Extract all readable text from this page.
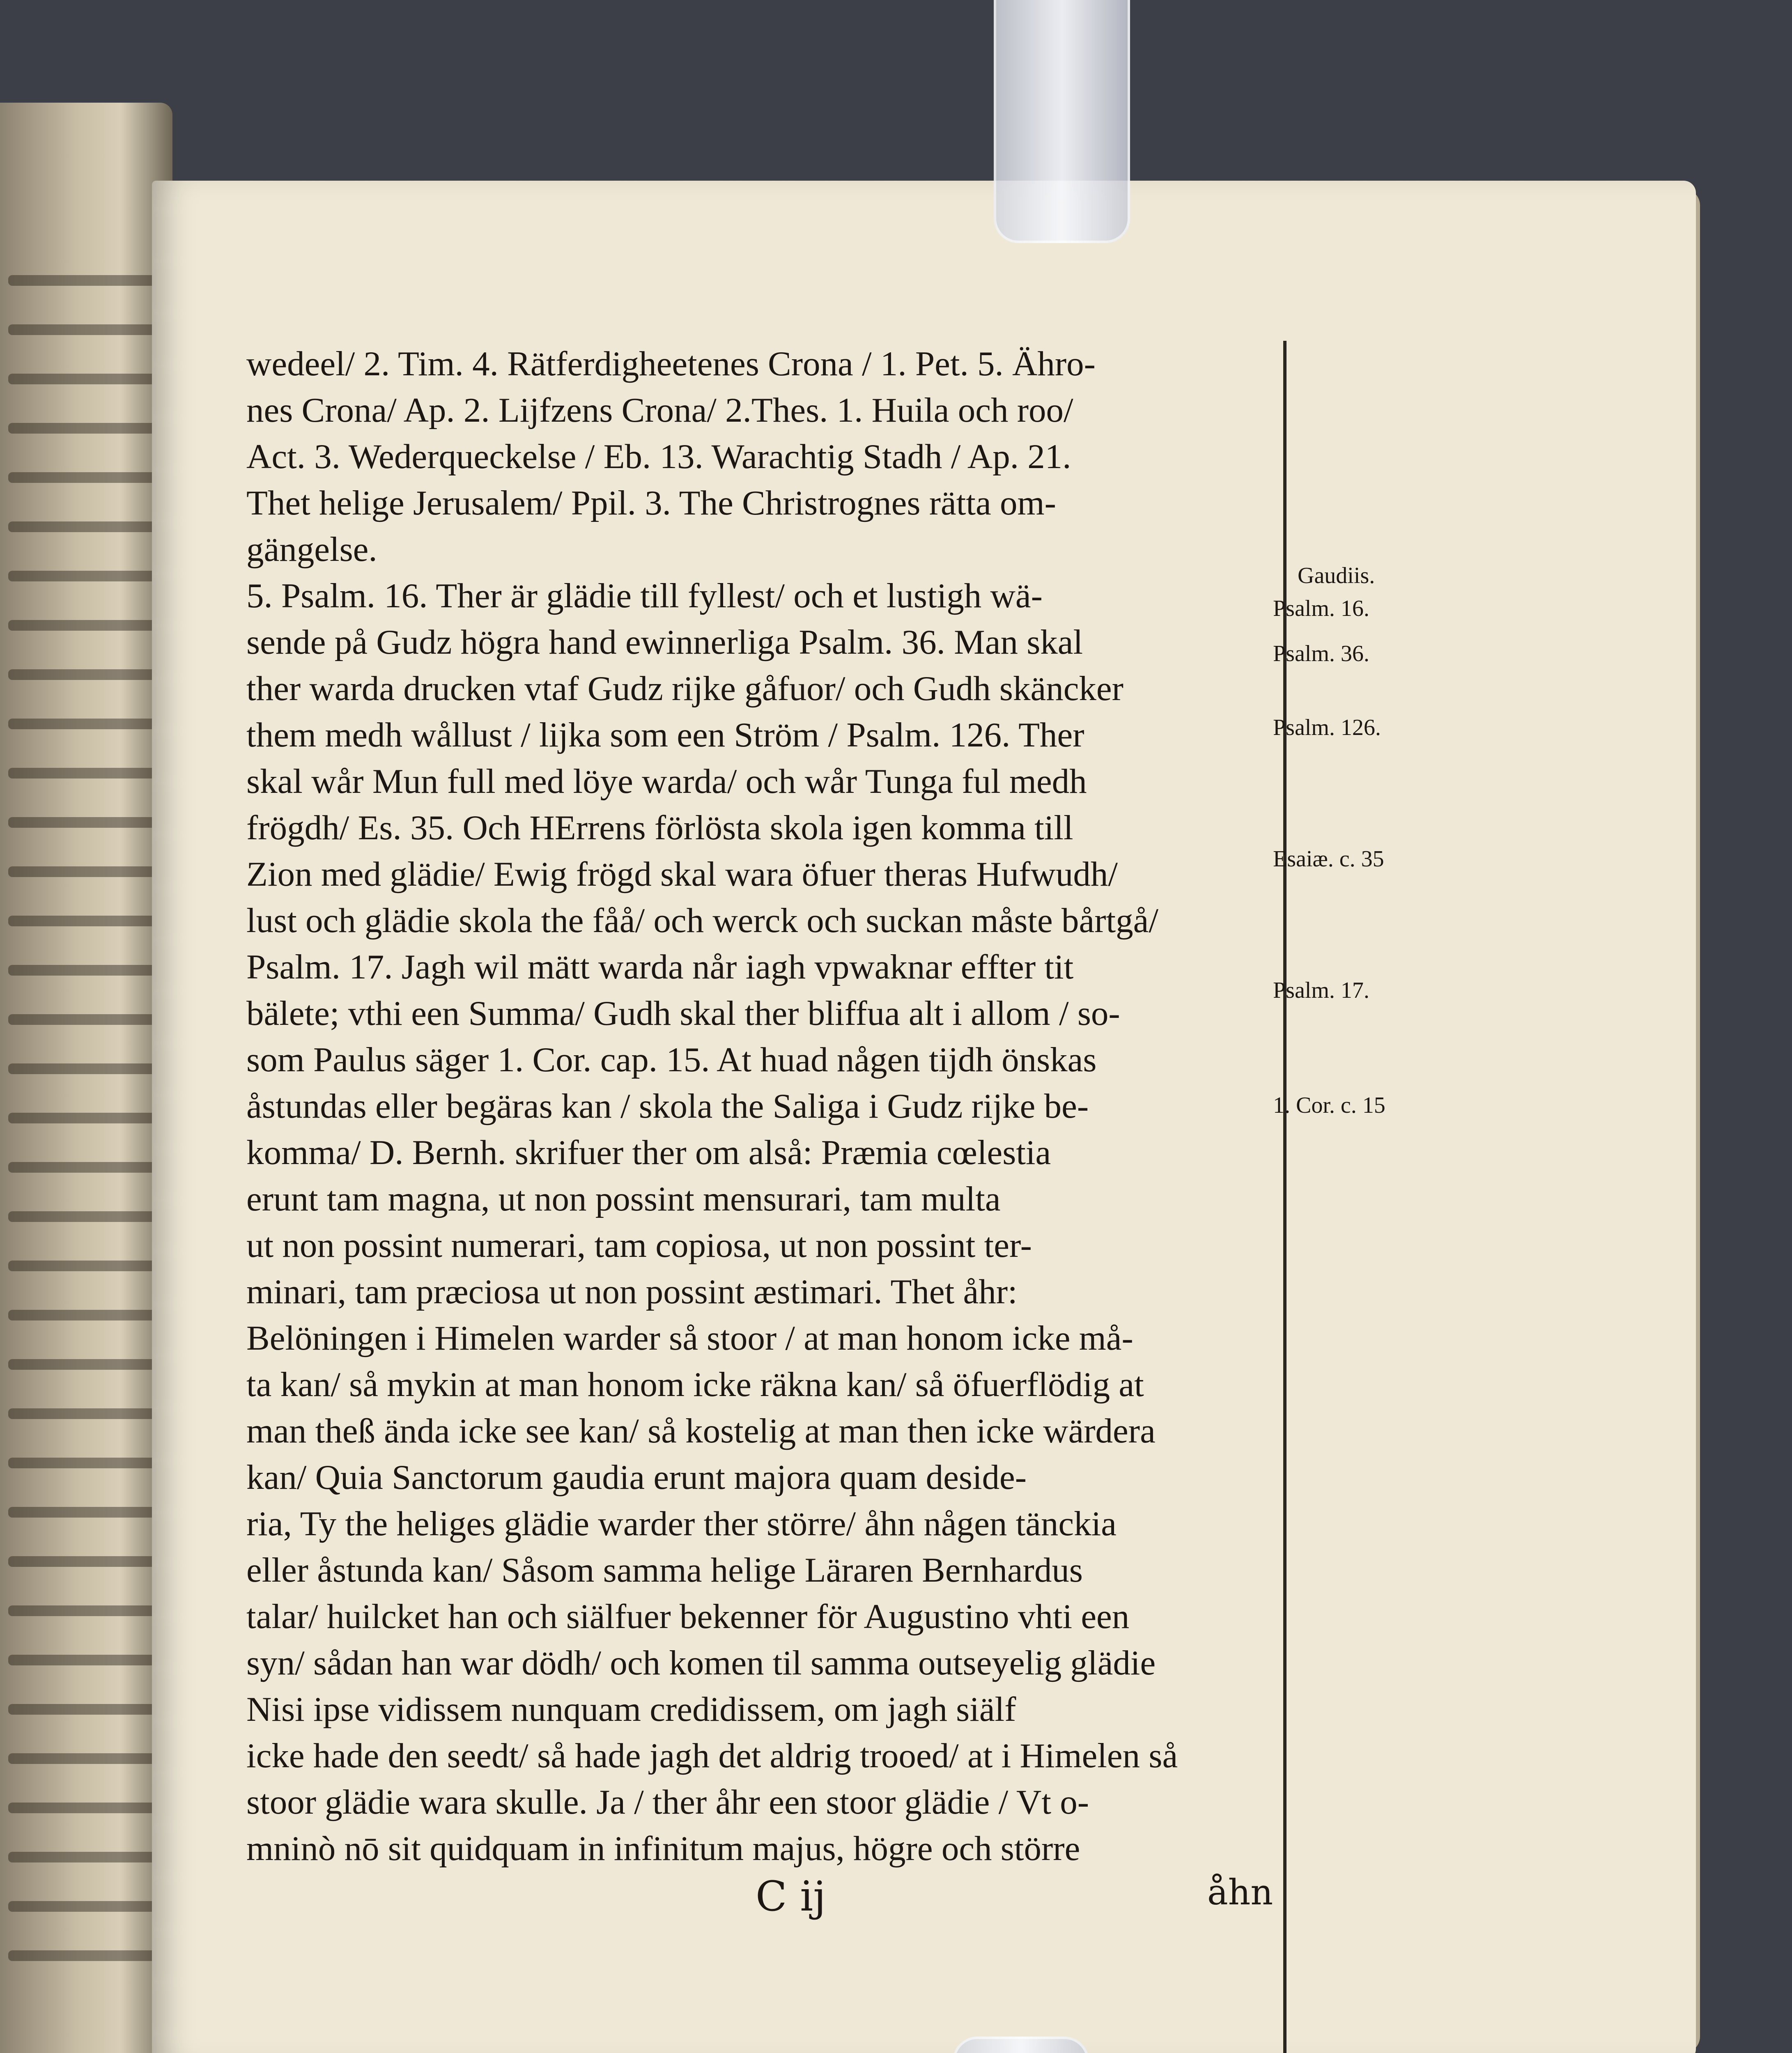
wedeel/ 2. Tim. 4. Rätferdigheetenes Crona / 1. Pet. 5. Ähro-
nes Crona/ Ap. 2. Lijfzens Crona/ 2.Thes. 1. Huila och roo/
Act. 3. Wederqueckelse / Eb. 13. Warachtig Stadh / Ap. 21.
Thet helige Jerusalem/ Ppil. 3. The Christrognes rätta om-
gängelse.
5. Psalm. 16. Ther är glädie till fyllest/ och et lustigh wä-
sende på Gudz högra hand ewinnerliga Psalm. 36. Man skal
ther warda drucken vtaf Gudz rijke gåfuor/ och Gudh skäncker
them medh wållust / lijka som een Ström / Psalm. 126. Ther
skal wår Mun full med löye warda/ och wår Tunga ful medh
frögdh/ Es. 35. Och HErrens förlösta skola igen komma till
Zion med glädie/ Ewig frögd skal wara öfuer theras Hufwudh/
lust och glädie skola the fåå/ och werck och suckan måste bårtgå/
Psalm. 17. Jagh wil mätt warda når iagh vpwaknar effter tit
bälete; vthi een Summa/ Gudh skal ther bliffua alt i allom / so-
som Paulus säger 1. Cor. cap. 15. At huad någen tijdh önskas
åstundas eller begäras kan / skola the Saliga i Gudz rijke be-
komma/ D. Bernh. skrifuer ther om alså: Præmia cœlestia
erunt tam magna, ut non possint mensurari, tam multa
ut non possint numerari, tam copiosa, ut non possint ter-
minari, tam præciosa ut non possint æstimari. Thet åhr:
Belöningen i Himelen warder så stoor / at man honom icke må-
ta kan/ så mykin at man honom icke räkna kan/ så öfuerflödig at
man theß ända icke see kan/ så kostelig at man then icke wärdera
kan/ Quia Sanctorum gaudia erunt majora quam deside-
ria, Ty the heliges glädie warder ther större/ åhn någen tänckia
eller åstunda kan/ Såsom samma helige Läraren Bernhardus
talar/ huilcket han och siälfuer bekenner för Augustino vhti een
syn/ sådan han war dödh/ och komen til samma outseyelig glädie
Nisi ipse vidissem nunquam credidissem, om jagh siälf
icke hade den seedt/ så hade jagh det aldrig trooed/ at i Himelen så
stoor glädie wara skulle. Ja / ther åhr een stoor glädie / Vt o-
mninò nō sit quidquam in infinitum majus, högre och större
Gaudiis.
Psalm. 16.
Psalm. 36.
Psalm. 126.
Esaiæ. c. 35
Psalm. 17.
1. Cor. c. 15
C ij	åhn
